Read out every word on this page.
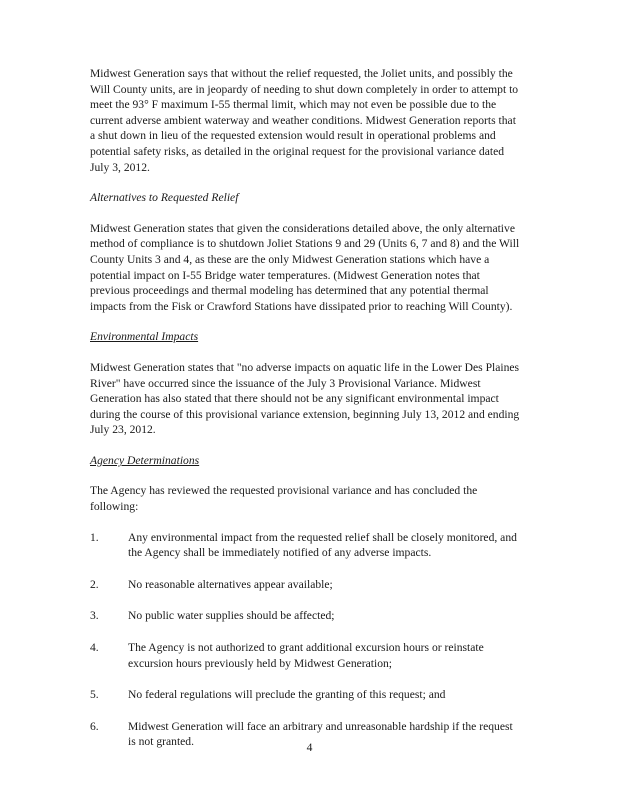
Midwest Generation says that without the relief requested, the Joliet units, and possibly the Will County units, are in jeopardy of needing to shut down completely in order to attempt to meet the 93° F maximum I-55 thermal limit, which may not even be possible due to the current adverse ambient waterway and weather conditions. Midwest Generation reports that a shut down in lieu of the requested extension would result in operational problems and potential safety risks, as detailed in the original request for the provisional variance dated July 3, 2012.

Alternatives to Requested Relief

Midwest Generation states that given the considerations detailed above, the only alternative method of compliance is to shutdown Joliet Stations 9 and 29 (Units 6, 7 and 8) and the Will County Units 3 and 4, as these are the only Midwest Generation stations which have a potential impact on I-55 Bridge water temperatures. (Midwest Generation notes that previous proceedings and thermal modeling has determined that any potential thermal impacts from the Fisk or Crawford Stations have dissipated prior to reaching Will County).

Environmental Impacts

Midwest Generation states that "no adverse impacts on aquatic life in the Lower Des Plaines River" have occurred since the issuance of the July 3 Provisional Variance. Midwest Generation has also stated that there should not be any significant environmental impact during the course of this provisional variance extension, beginning July 13, 2012 and ending July 23, 2012.

Agency Determinations

The Agency has reviewed the requested provisional variance and has concluded the following:

1.	Any environmental impact from the requested relief shall be closely monitored, and the Agency shall be immediately notified of any adverse impacts.
2.	No reasonable alternatives appear available;
3.	No public water supplies should be affected;
4.	The Agency is not authorized to grant additional excursion hours or reinstate excursion hours previously held by Midwest Generation;
5.	No federal regulations will preclude the granting of this request; and
6.	Midwest Generation will face an arbitrary and unreasonable hardship if the request is not granted.	4
